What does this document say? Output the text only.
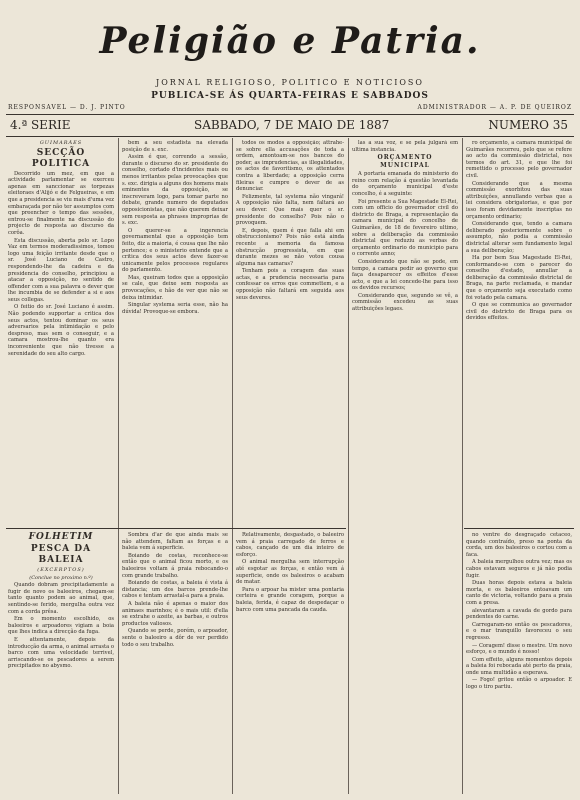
Peligião e Patria.
JORNAL RELIGIOSO, POLITICO E NOTICIOSO
PUBLICA-SE ÁS QUARTA-FEIRAS E SABBADOS
RESPONSAVEL — D. J. PINTO	ADMINISTRADOR — A. P. DE QUEIROZ
4.ª SERIE	SABBADO, 7 DE MAIO DE 1887	NUMERO 35

GUIMARÃES

SECÇÃO POLITICA

Decorrido um mez, em que a actividade parlamentar se exerceu apenas em sanccionar as torpezas eleitoraes d'Alijó e de Felgueiras, e em que a presidencia se viu mais d'uma vez embaraçada por não ter assumptos com que preencher o tempo das sessões, entrou-se finalmente na discussão do projecto de resposta ao discurso da corôa.

Esta discussão, aberta pelo sr. Lopo Vaz em termos moderadissimos, tomou logo uma feição irritante desde que o sr. José Luciano de Castro, respondendo-lhe da cadeira e da presidencia do conselho, principiou a atacar a opposição, no sentido de offender com a sua palavra o dever que lhe incumbia de se defender a si e aos seus collegas.

O feitio do sr. José Luciano é assim. Não podendo supportar a critica dos seus actos, tentou dominar os seus adversarios pela intimidação e pelo despreso, mas sem o conseguir, e a camara mostrou-lhe quanto era inconveniente que não tivesse a serenidade do seu alto cargo.

bem a seu estadista na elevada posição de s. exc.

Assim é que, correndo a sessão, durante o discurso do sr. presidente do conselho, cortado d'incidentes mais ou menos irritantes pelas provocações que s. exc. dirigia a alguns dos homens mais eminentes da opposição, se inscreveram logo, para tomar parte no debate, grande numero de deputados opposicionistas, que não querem deixar sem resposta as phrases improprias de s. exc.

O querer-se a ingerencia governamental que a opposição tem feito, diz a maioria, é cousa que lhe não pertence; e o ministerio entende que a critica dos seus actos deve fazer-se unicamente pelos processos regulares do parlamento.

Mas, queiram todos que a opposição se cale, que deixe sem resposta as provocações, e hão de ver que não se deixa intimidar.

Singular systema seria esse, não ha dúvida! Provoque-se embora.

todos os modos a opposição; attrahe-se sobre ella accusações de toda a ordem, amontoam-se nos bancos do poder, as imprudencias, as illegalidades, os actos de favoritismo, os attentados contra a liberdade; a opposição cerra fileiras e cumpre o dever de as denunciar.

Felizmente, tal systema não vingará! A opposição não falta, nem faltará ao seu dever. Que mais quer o sr. presidente do conselho? Pois não o provoquem.

E, depois, quem é que falla ahi em obstruccionismo? Pois não está ainda recente a memoria da famosa obstrucção progressista, em que durante mezes se não votou cousa alguma nas camaras?

Tenham pois a coragem das suas actas, e a prudencia necessaria para confessar os erros que commettem, e a opposição não faltará em seguida aos seus deveres.

las a sua voz, e se pela julgará em ultima instancia.

ORÇAMENTO MUNICIPAL

A portaria emanada do ministerio do reino com relação á questão levantada do orçamento municipal d'este concelho, é a seguinte:

Foi presente a Sua Magestade El-Rei, com um officio do governador civil do districto de Braga, a representação da camara municipal do concelho de Guimarães, de 18 de fevereiro ultimo, sobre a deliberação da commissão districtal que reduziu as verbas do orçamento ordinario do municipio para o corrente anno;

Considerando que não se pode, em tempo, a camara pedir ao governo que faça desaparecer os effeitos d'esse acto, e que a lei concede-lhe para isso os devidos recursos;

Considerando que, segundo se vê, a commissão excedeu as suas attribuições legaes.

ro orçamento, a camara municipal de Guimarães recorreu, pelo que se refere ao acto da commissão districtal, nos termos do art. 31, e que lhe foi remettido o processo pelo governador civil.

Considerando que a mesma commissão exorbitou das suas attribuições, annullando verbas que a lei considera obrigatorias, e que por isso foram devidamente inscriptas no orçamento ordinario;

Considerando que, tendo a camara deliberado posteriormente sobre o assumpto, não podia a commissão districtal alterar sem fundamento legal a sua deliberação;

Ha por bem Sua Magestade El-Rei, conformando-se com o parecer do conselho d'estado, annullar a deliberação da commissão districtal de Braga, na parte reclamada, e mandar que o orçamento seja executado como foi votado pela camara.

O que se communica ao governador civil do districto de Braga para os devidos effeitos.

FOLHETIM

PESCA DA BALEIA

(EXCERPTOS)

(Conclue no proximo n.º)

Quando dobram precipitadamente a fugir de novo os baleeiros, chegam-se tanto quanto podem ao animal, que, sentindo-se ferido, mergulha outra vez com a corda prêsa.

Em o momento escolhido, os baleeiros e arpoadores vigiam a boia que lhes indica a direcção da fuga.

E attentamente, depois da introducção da arma, o animal arrasta o barco com uma velocidade terrivel, arriscando-se os pescadores a serem precipitados no abysmo.

Sombra d'ar de que ainda mais se não attendem, faltam as forças e a baleia vem á superficie.

Boiando de costas, reconhece-se então que o animal ficou morto, e os baleeiros voltam á praia rebocando-o com grande trabalho.

Boiando de costas, a baleia é vista á distancia; um dos barcos prende-lhe cabos e tentam arrastal-a para a praia.

A baleia não é apenas o maior dos animaes marinhos; é o mais util: d'ella se extrahe o azeite, as barbas, e outros productos valiosos.

Quando se perde, porém, o arpoador, sente o baleeiro a dôr de ver perdido todo o seu trabalho.

Relativamente, desgastado, o baleeiro vem á praia carregado de ferros e cabos, cançado de um dia inteiro de esforço.

O animal mergulha sem interrupção até esgotar as forças, e então vem á superficie, onde os baleeiros o acabam de matar.

Para o arpoar ha mister uma pontaria certeira e grande coragem, porque a baleia, ferida, é capaz de despedaçar o barco com uma pancada da cauda.

no ventre do desgraçado cetaceo, quando contraído, preso na ponta da corda, um dos baleeiros o cortou com a faca.

A baleia mergulhou outra vez; mas os cabos estavam seguros e já não podia fugir.

Duas horas depois estava a baleia morta, e os baleeiros entoavam um canto de victoria, voltando para a praia com a presa.

alevantaram a cavada de gordo para pendentes do carne.

Carregaram-no então os pescadores, e o mar tranquillo favoreceu o seu regresso.

— Coragem! disse o mestre. Um novo esforço, e o mundo é nosso!

Com effeito, alguns momentos depois a baleia foi rebocada até perto da praia, onde uma multidão a esperava.

— Fogo! gritou então o arpoador. E logo o tiro partiu.
